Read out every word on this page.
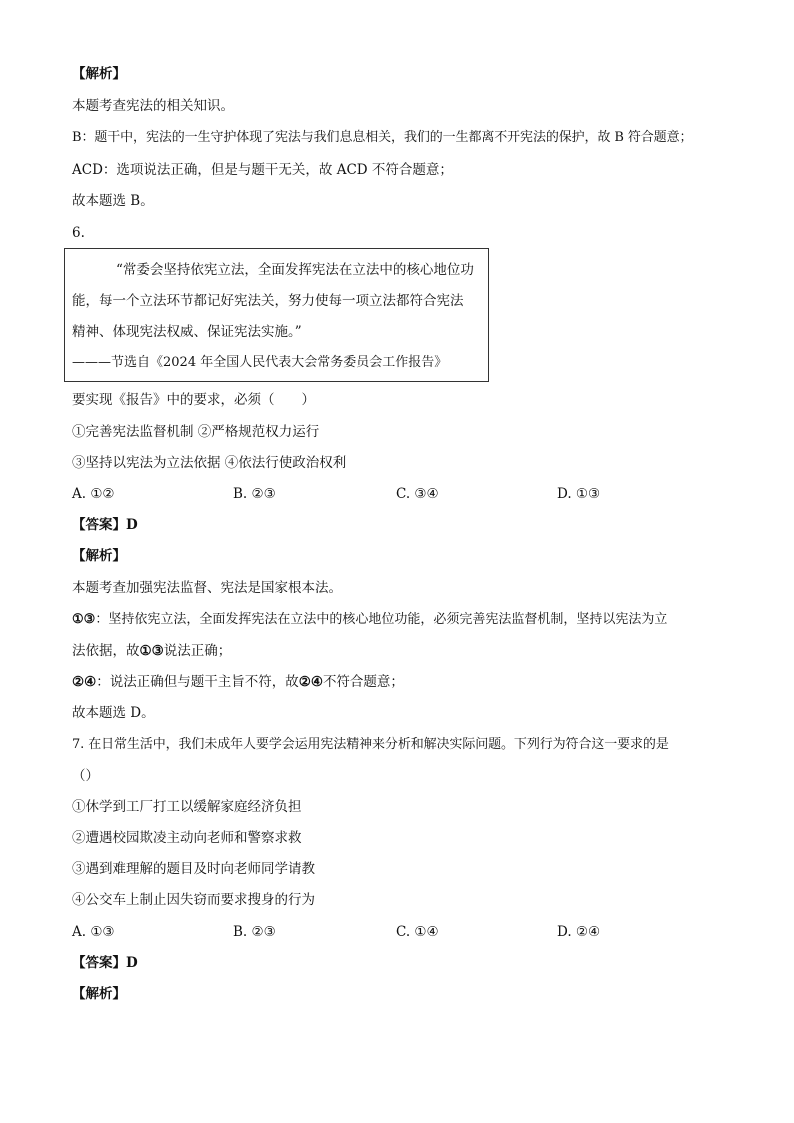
【解析】
本题考查宪法的相关知识。
B：题干中，宪法的一生守护体现了宪法与我们息息相关，我们的一生都离不开宪法的保护，故 B 符合题意；
ACD：选项说法正确，但是与题干无关，故 ACD 不符合题意；
故本题选 B。
6.
“常委会坚持依宪立法，全面发挥宪法在立法中的核心地位功
能，每一个立法环节都记好宪法关，努力使每一项立法都符合宪法
精神、体现宪法权威、保证宪法实施。”
———节选自《2024 年全国人民代表大会常务委员会工作报告》
要实现《报告》中的要求，必须（　　）
①完善宪法监督机制 ②严格规范权力运行
③坚持以宪法为立法依据 ④依法行使政治权利
A. ①②	B. ②③	C. ③④	D. ①③
【答案】D
【解析】
本题考查加强宪法监督、宪法是国家根本法。
①③：坚持依宪立法，全面发挥宪法在立法中的核心地位功能，必须完善宪法监督机制，坚持以宪法为立
法依据，故①③说法正确；
②④：说法正确但与题干主旨不符，故②④不符合题意；
故本题选 D。
7. 在日常生活中，我们未成年人要学会运用宪法精神来分析和解决实际问题。下列行为符合这一要求的是
（）
①休学到工厂打工以缓解家庭经济负担
②遭遇校园欺凌主动向老师和警察求救
③遇到难理解的题目及时向老师同学请教
④公交车上制止因失窃而要求搜身的行为
A. ①③	B. ②③	C. ①④	D. ②④
【答案】D
【解析】
